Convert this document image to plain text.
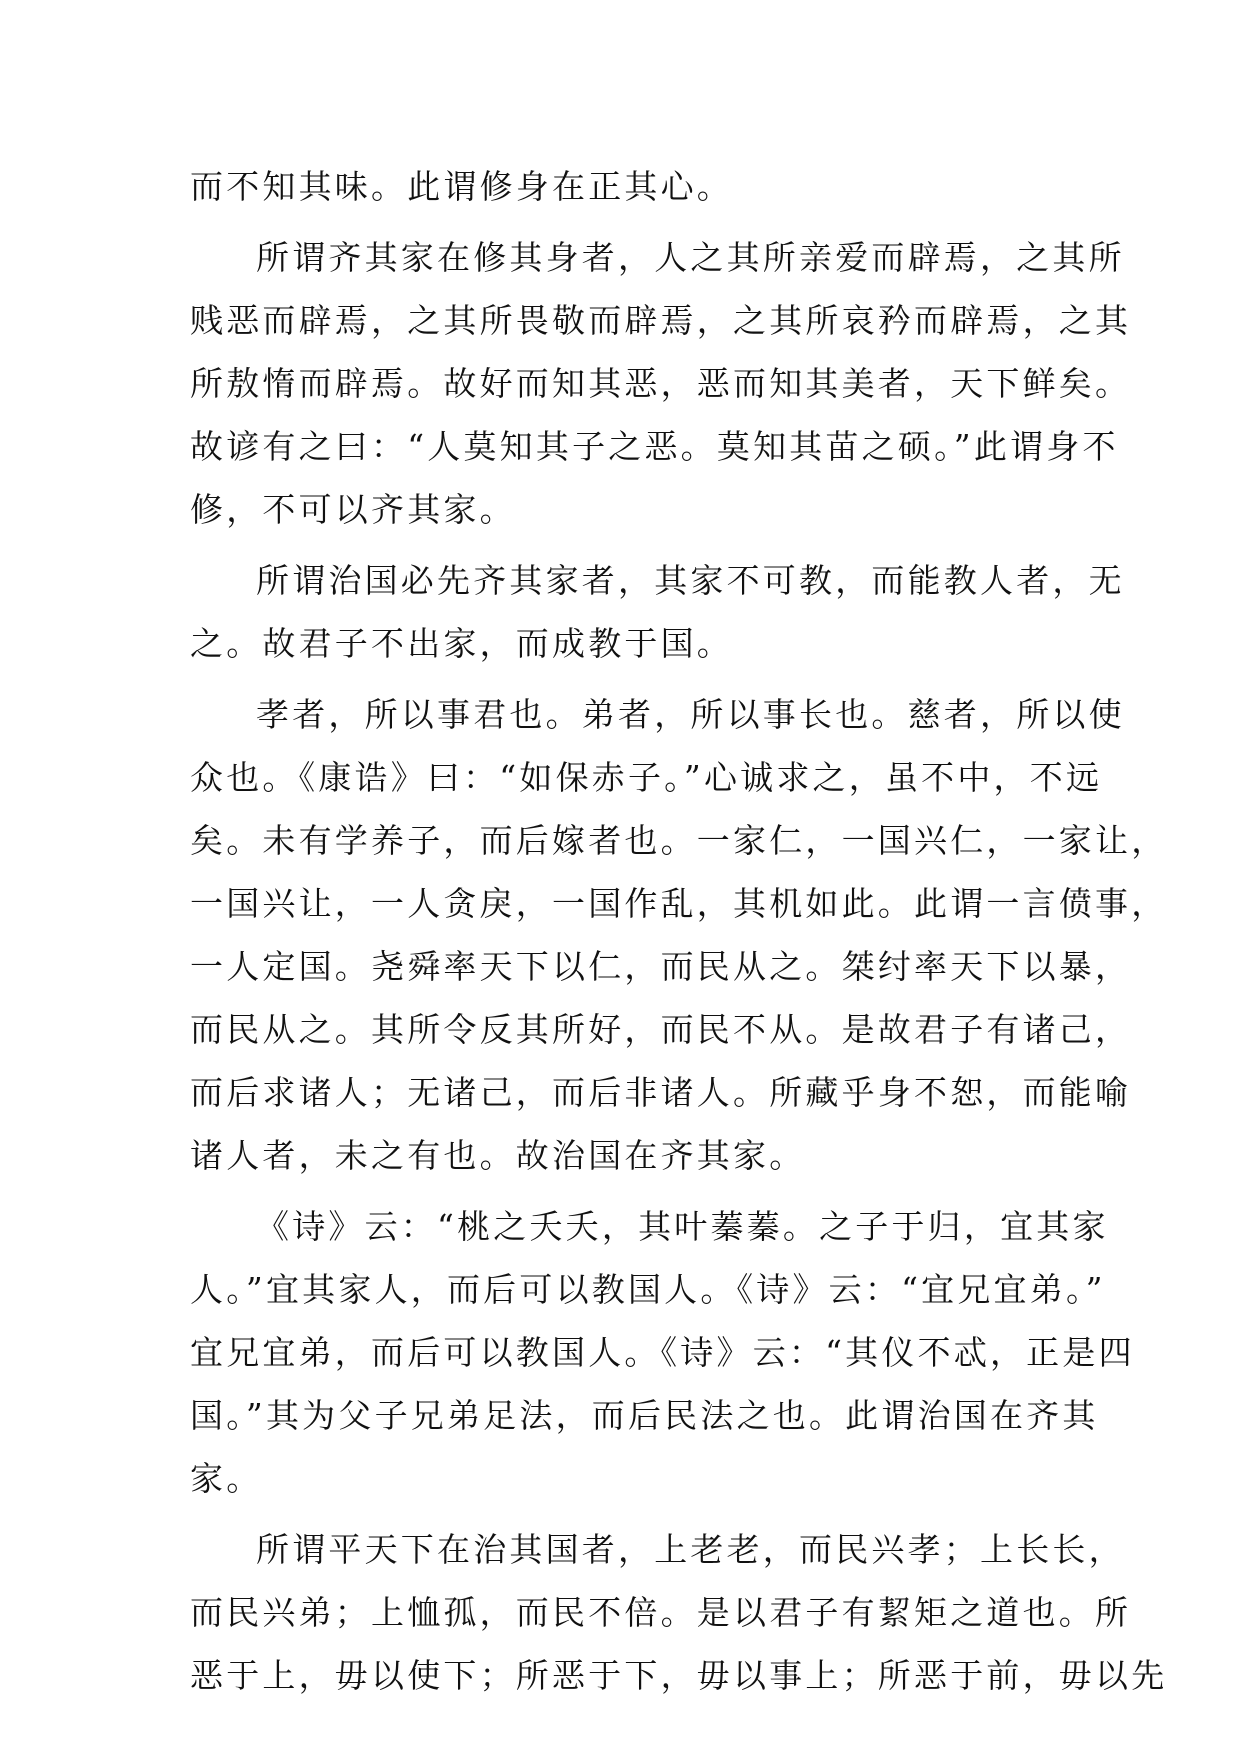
而不知其味。此谓修身在正其心。
所谓齐其家在修其身者，人之其所亲爱而辟焉，之其所
贱恶而辟焉，之其所畏敬而辟焉，之其所哀矜而辟焉，之其
所敖惰而辟焉。故好而知其恶，恶而知其美者，天下鲜矣。
故谚有之曰：“人莫知其子之恶。莫知其苗之硕。”此谓身不
修，不可以齐其家。
所谓治国必先齐其家者，其家不可教，而能教人者，无
之。故君子不出家，而成教于国。
孝者，所以事君也。弟者，所以事长也。慈者，所以使
众也。《康诰》曰：“如保赤子。”心诚求之，虽不中，不远
矣。未有学养子，而后嫁者也。一家仁，一国兴仁，一家让，
一国兴让，一人贪戾，一国作乱，其机如此。此谓一言偾事，
一人定国。尧舜率天下以仁，而民从之。桀纣率天下以暴，
而民从之。其所令反其所好，而民不从。是故君子有诸己，
而后求诸人；无诸己，而后非诸人。所藏乎身不恕，而能喻
诸人者，未之有也。故治国在齐其家。
《诗》云：“桃之夭夭，其叶蓁蓁。之子于归，宜其家
人。”宜其家人，而后可以教国人。《诗》云：“宜兄宜弟。”
宜兄宜弟，而后可以教国人。《诗》云：“其仪不忒，正是四
国。”其为父子兄弟足法，而后民法之也。此谓治国在齐其
家。
所谓平天下在治其国者，上老老，而民兴孝；上长长，
而民兴弟；上恤孤，而民不倍。是以君子有絜矩之道也。所
恶于上，毋以使下；所恶于下，毋以事上；所恶于前，毋以先
